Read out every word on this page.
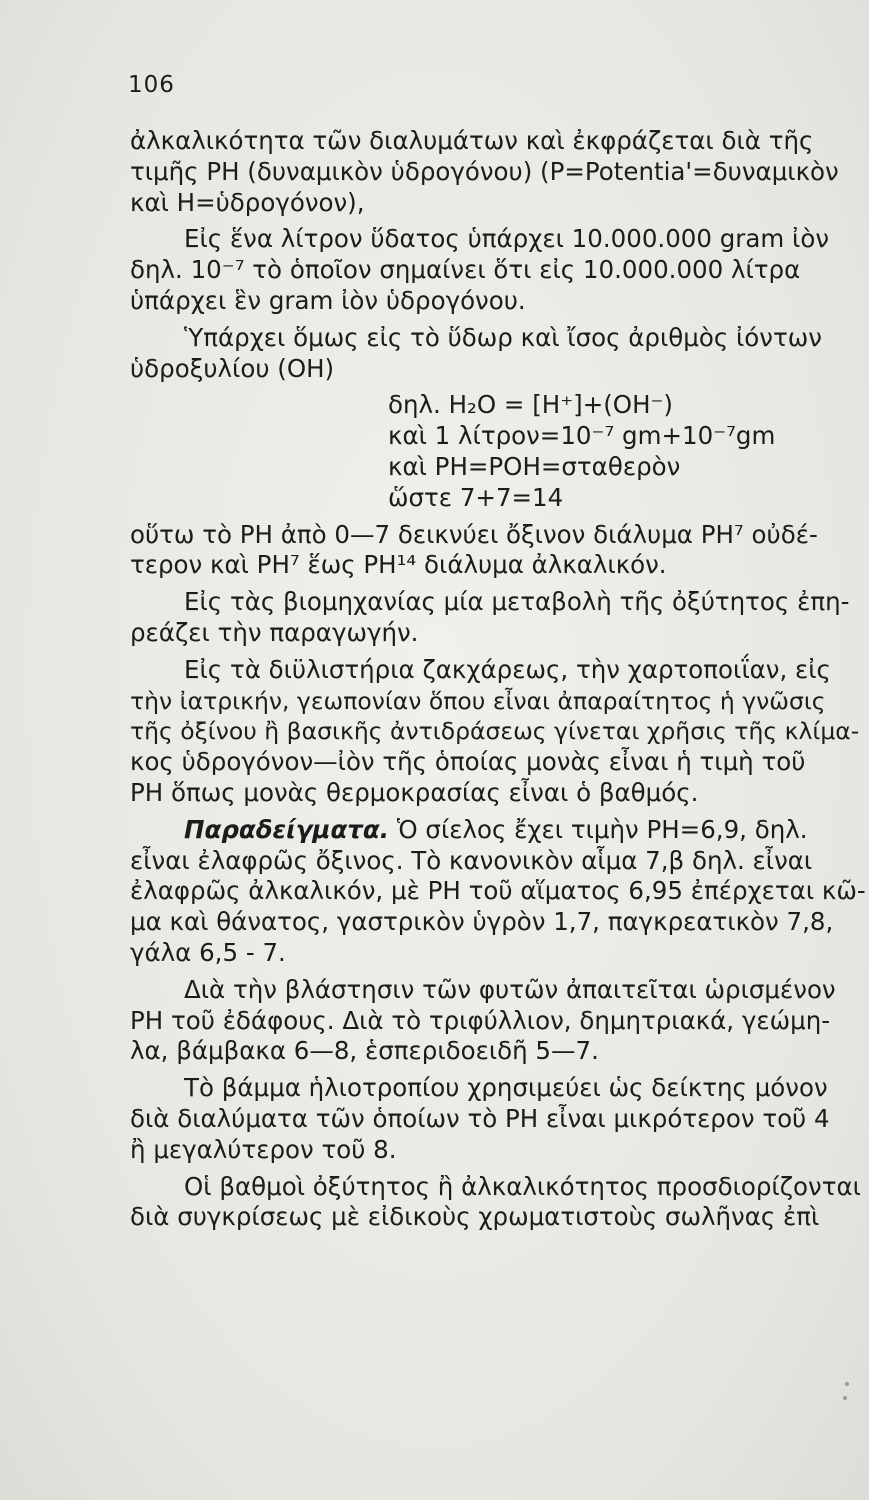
106
ἀλκαλικότητα τῶν διαλυμάτων καὶ ἐκφράζεται διὰ τῆς
τιμῆς PH (δυναμικὸν ὑδρογόνου) (P=Potentia'=δυναμικὸν
καὶ H=ὑδρογόνον),
Εἰς ἕνα λίτρον ὕδατος ὑπάρχει 10.000.000 gram ἰὸν
δηλ. 10⁻⁷ τὸ ὁποῖον σημαίνει ὅτι εἰς 10.000.000 λίτρα
ὑπάρχει ἓν gram ἰὸν ὑδρογόνου.
Ὑπάρχει ὅμως εἰς τὸ ὕδωρ καὶ ἴσος ἀριθμὸς ἰόντων
ὑδροξυλίου (OH)
δηλ. H₂O = [H⁺]+(OH⁻)
καὶ 1 λίτρον=10⁻⁷ gm+10⁻⁷gm
καὶ PH=POH=σταθερὸν
ὥστε 7+7=14
οὕτω τὸ PH ἀπὸ 0—7 δεικνύει ὄξινον διάλυμα PH⁷ οὐδέ-
τερον καὶ PH⁷ ἕως PH¹⁴ διάλυμα ἀλκαλικόν.
Εἰς τὰς βιομηχανίας μία μεταβολὴ τῆς ὀξύτητος ἐπη-
ρεάζει τὴν παραγωγήν.
Εἰς τὰ διϋλιστήρια ζακχάρεως, τὴν χαρτοποιΐαν, εἰς
τὴν ἰατρικήν, γεωπονίαν ὅπου εἶναι ἀπαραίτητος ἡ γνῶσις
τῆς ὀξίνου ἢ βασικῆς ἀντιδράσεως γίνεται χρῆσις τῆς κλίμα-
κος ὑδρογόνον—ἰὸν τῆς ὁποίας μονὰς εἶναι ἡ τιμὴ τοῦ
PH ὅπως μονὰς θερμοκρασίας εἶναι ὁ βαθμός.
Παραδείγματα. Ὁ σίελος ἔχει τιμὴν PH=6,9, δηλ.
εἶναι ἐλαφρῶς ὄξινος. Τὸ κανονικὸν αἷμα 7,β δηλ. εἶναι
ἐλαφρῶς ἀλκαλικόν, μὲ PH τοῦ αἵματος 6,95 ἐπέρχεται κῶ-
μα καὶ θάνατος, γαστρικὸν ὑγρὸν 1,7, παγκρεατικὸν 7,8,
γάλα 6,5 - 7.
Διὰ τὴν βλάστησιν τῶν φυτῶν ἀπαιτεῖται ὡρισμένον
PH τοῦ ἐδάφους. Διὰ τὸ τριφύλλιον, δημητριακά, γεώμη-
λα, βάμβακα 6—8, ἑσπεριδοειδῆ 5—7.
Τὸ βάμμα ἡλιοτροπίου χρησιμεύει ὡς δείκτης μόνον
διὰ διαλύματα τῶν ὁποίων τὸ PH εἶναι μικρότερον τοῦ 4
ἢ μεγαλύτερον τοῦ 8.
Οἱ βαθμοὶ ὀξύτητος ἢ ἀλκαλικότητος προσδιορίζονται
διὰ συγκρίσεως μὲ εἰδικοὺς χρωματιστοὺς σωλῆνας ἐπὶ
